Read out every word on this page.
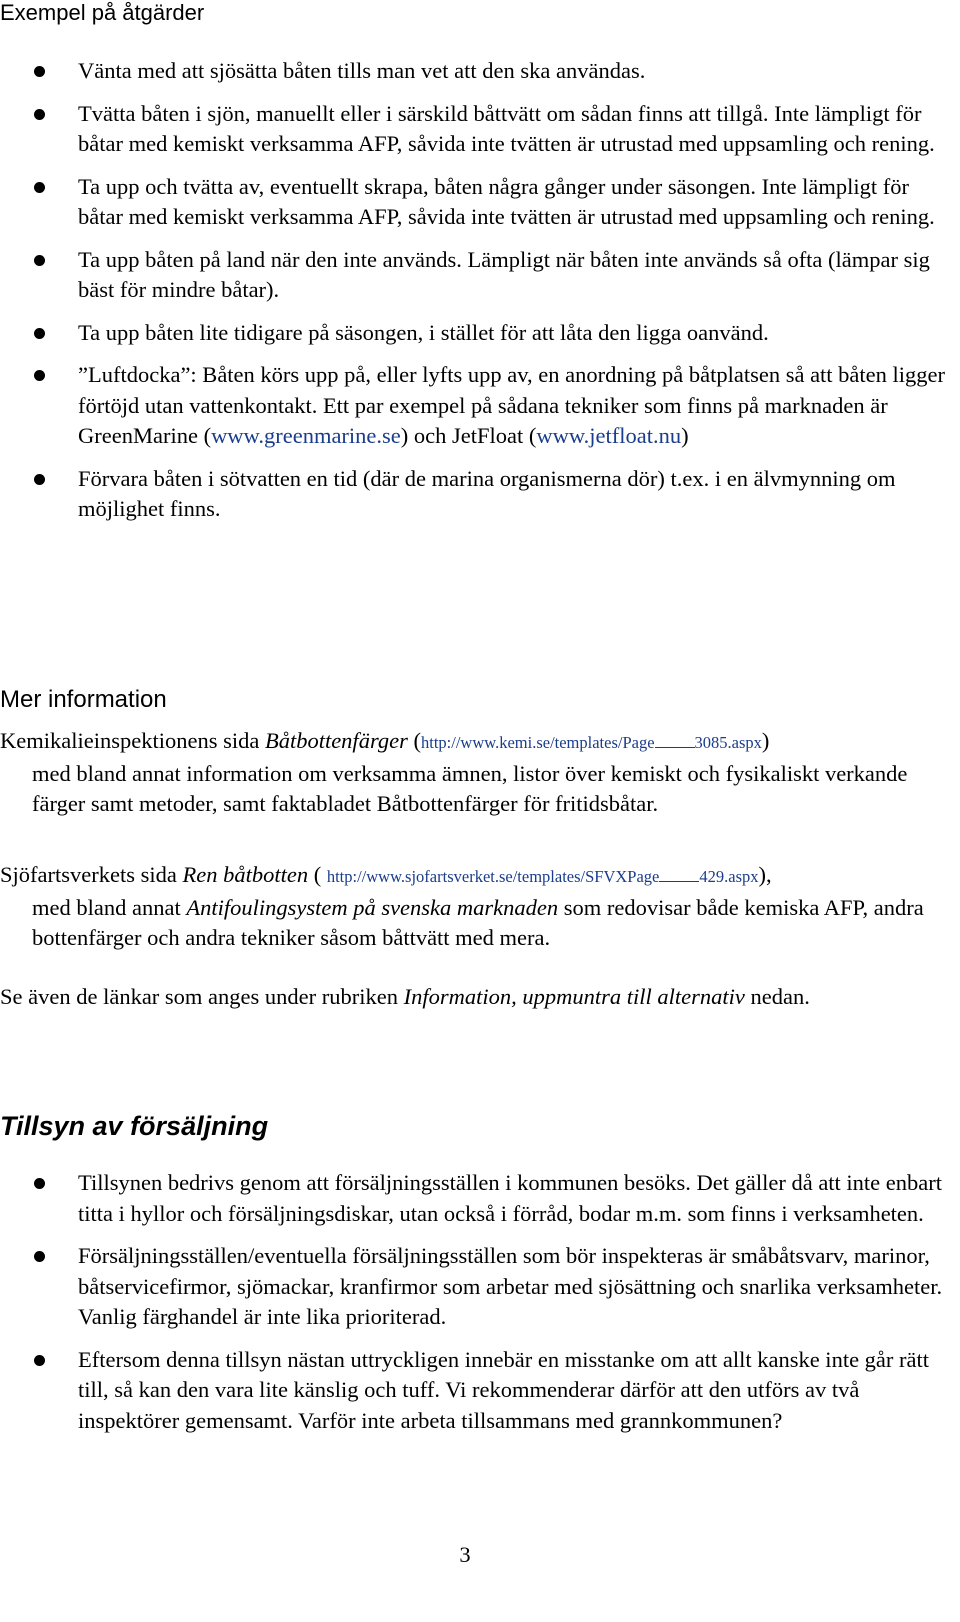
Exempel på åtgärder
Vänta med att sjösätta båten tills man vet att den ska användas.
Tvätta båten i sjön, manuellt eller i särskild båttvätt om sådan finns att tillgå. Inte lämpligt för båtar med kemiskt verksamma AFP, såvida inte tvätten är utrustad med uppsamling och rening.
Ta upp och tvätta av, eventuellt skrapa, båten några gånger under säsongen. Inte lämpligt för båtar med kemiskt verksamma AFP, såvida inte tvätten är utrustad med uppsamling och rening.
Ta upp båten på land när den inte används. Lämpligt när båten inte används så ofta (lämpar sig bäst för mindre båtar).
Ta upp båten lite tidigare på säsongen, i stället för att låta den ligga oanvänd.
”Luftdocka”: Båten körs upp på, eller lyfts upp av, en anordning på båtplatsen så att båten ligger förtöjd utan vattenkontakt. Ett par exempel på sådana tekniker som finns på marknaden är GreenMarine (www.greenmarine.se) och JetFloat (www.jetfloat.nu)
Förvara båten i sötvatten en tid (där de marina organismerna dör) t.ex. i en älvmynning om möjlighet finns.
Mer information
Kemikalieinspektionens sida Båtbottenfärger (http://www.kemi.se/templates/Page 3085.aspx)
med bland annat information om verksamma ämnen, listor över kemiskt och fysikaliskt verkande färger samt metoder, samt faktabladet Båtbottenfärger för fritidsbåtar.
Sjöfartsverkets sida Ren båtbotten ( http://www.sjofartsverket.se/templates/SFVXPage 429.aspx),
med bland annat Antifoulingsystem på svenska marknaden som redovisar både kemiska AFP, andra bottenfärger och andra tekniker såsom båttvätt med mera.
Se även de länkar som anges under rubriken Information, uppmuntra till alternativ nedan.
Tillsyn av försäljning
Tillsynen bedrivs genom att försäljningsställen i kommunen besöks. Det gäller då att inte enbart titta i hyllor och försäljningsdiskar, utan också i förråd, bodar m.m. som finns i verksamheten.
Försäljningsställen/eventuella försäljningsställen som bör inspekteras är småbåtsvarv, marinor, båtservicefirmor, sjömackar, kranfirmor som arbetar med sjösättning och snarlika verksamheter. Vanlig färghandel är inte lika prioriterad.
Eftersom denna tillsyn nästan uttryckligen innebär en misstanke om att allt kanske inte går rätt till, så kan den vara lite känslig och tuff. Vi rekommenderar därför att den utförs av två inspektörer gemensamt. Varför inte arbeta tillsammans med grannkommunen?
3
